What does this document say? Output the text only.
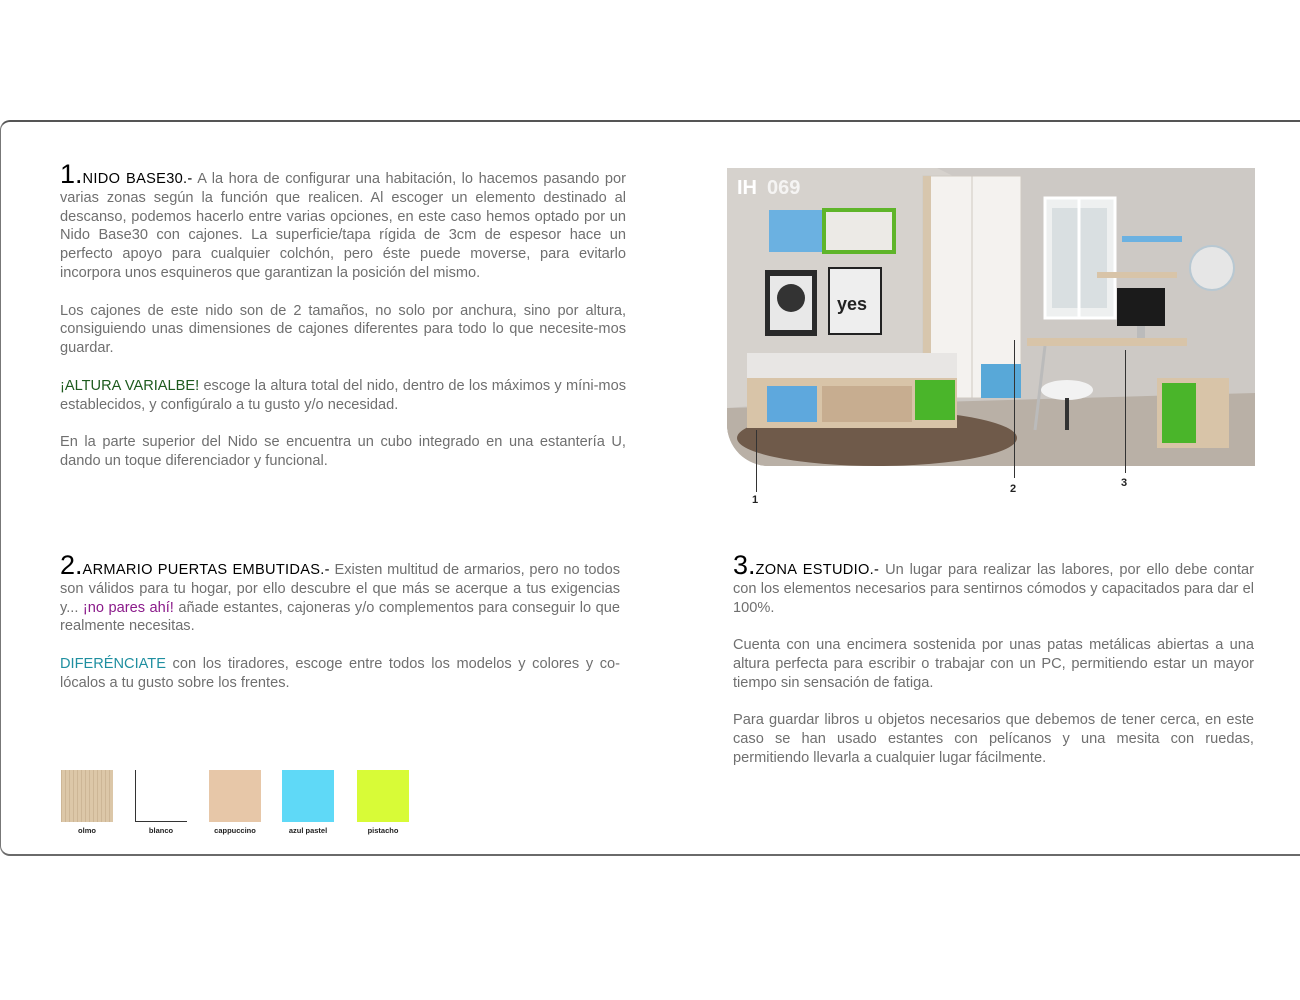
1.NIDO BASE30.- A la hora de configurar una habitación, lo hacemos pasando por varias zonas según la función que realicen. Al escoger un elemento destinado al descanso, podemos hacerlo entre varias opciones, en este caso hemos optado por un Nido Base30 con cajones. La superficie/tapa rígida de 3cm de espesor hace un perfecto apoyo para cualquier colchón, pero éste puede moverse, para evitarlo incorpora unos esquineros que garantizan la posición del mismo.

Los cajones de este nido son de 2 tamaños, no solo por anchura, sino por altura, consiguiendo unas dimensiones de cajones diferentes para todo lo que necesite-mos guardar.

¡ALTURA VARIALBE! escoge la altura total del nido, dentro de los máximos y míni-mos establecidos, y configúralo a tu gusto y/o necesidad.

En la parte superior del Nido se encuentra un cubo integrado en una estantería U, dando un toque diferenciador y funcional.

2.ARMARIO PUERTAS EMBUTIDAS.- Existen multitud de armarios, pero no todos son válidos para tu hogar, por ello descubre el que más se acerque a tus exigencias y... ¡no pares ahí! añade estantes, cajoneras y/o complementos para conseguir lo que realmente necesitas.

DIFERÉNCIATE con los tiradores, escoge entre todos los modelos y colores y co-lócalos a tu gusto sobre los frentes.

3.ZONA ESTUDIO.- Un lugar para realizar las labores, por ello debe contar con los elementos necesarios para sentirnos cómodos y capacitados para dar el 100%.

Cuenta con una encimera sostenida por unas patas metálicas abiertas a una altura perfecta para escribir o trabajar con un PC, permitiendo estar un mayor tiempo sin sensación de fatiga.

Para guardar libros u objetos necesarios que debemos de tener cerca, en este caso se han usado estantes con pelícanos y una mesita con ruedas, permitiendo llevarla a cualquier lugar fácilmente.

yes
IH 069
1
2	3
olmo	blanco	cappuccino	azul pastel	pistacho
